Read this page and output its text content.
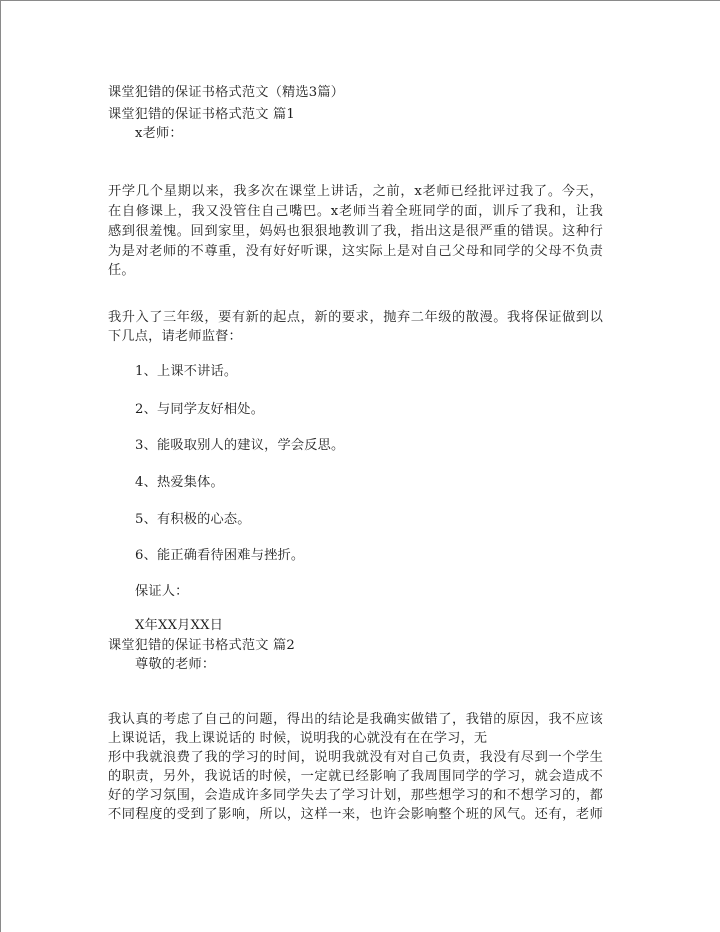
课堂犯错的保证书格式范文（精选3篇）

课堂犯错的保证书格式范文 篇1

x老师：

开学几个星期以来，我多次在课堂上讲话，之前，x老师已经批评过我了。今天，

在自修课上，我又没管住自己嘴巴。x老师当着全班同学的面，训斥了我和，让我

感到很羞愧。回到家里，妈妈也狠狠地教训了我，指出这是很严重的错误。这种行

为是对老师的不尊重，没有好好听课，这实际上是对自己父母和同学的父母不负责

任。

我升入了三年级，要有新的起点，新的要求，抛弃二年级的散漫。我将保证做到以

下几点，请老师监督：

1、上课不讲话。

2、与同学友好相处。

3、能吸取别人的建议，学会反思。

4、热爱集体。

5、有积极的心态。

6、能正确看待困难与挫折。

保证人：

X年XX月XX日

课堂犯错的保证书格式范文 篇2

尊敬的老师：

我认真的考虑了自己的问题，得出的结论是我确实做错了，我错的原因，我不应该

上课说话，我上课说话的 时候，说明我的心就没有在在学习，无

形中我就浪费了我的学习的时间，说明我就没有对自己负责，我没有尽到一个学生

的职责，另外，我说话的时候，一定就已经影响了我周围同学的学习，就会造成不

好的学习氛围，会造成许多同学失去了学习计划，那些想学习的和不想学习的，都

不同程度的受到了影响，所以，这样一来，也许会影响整个班的风气。还有，老师
